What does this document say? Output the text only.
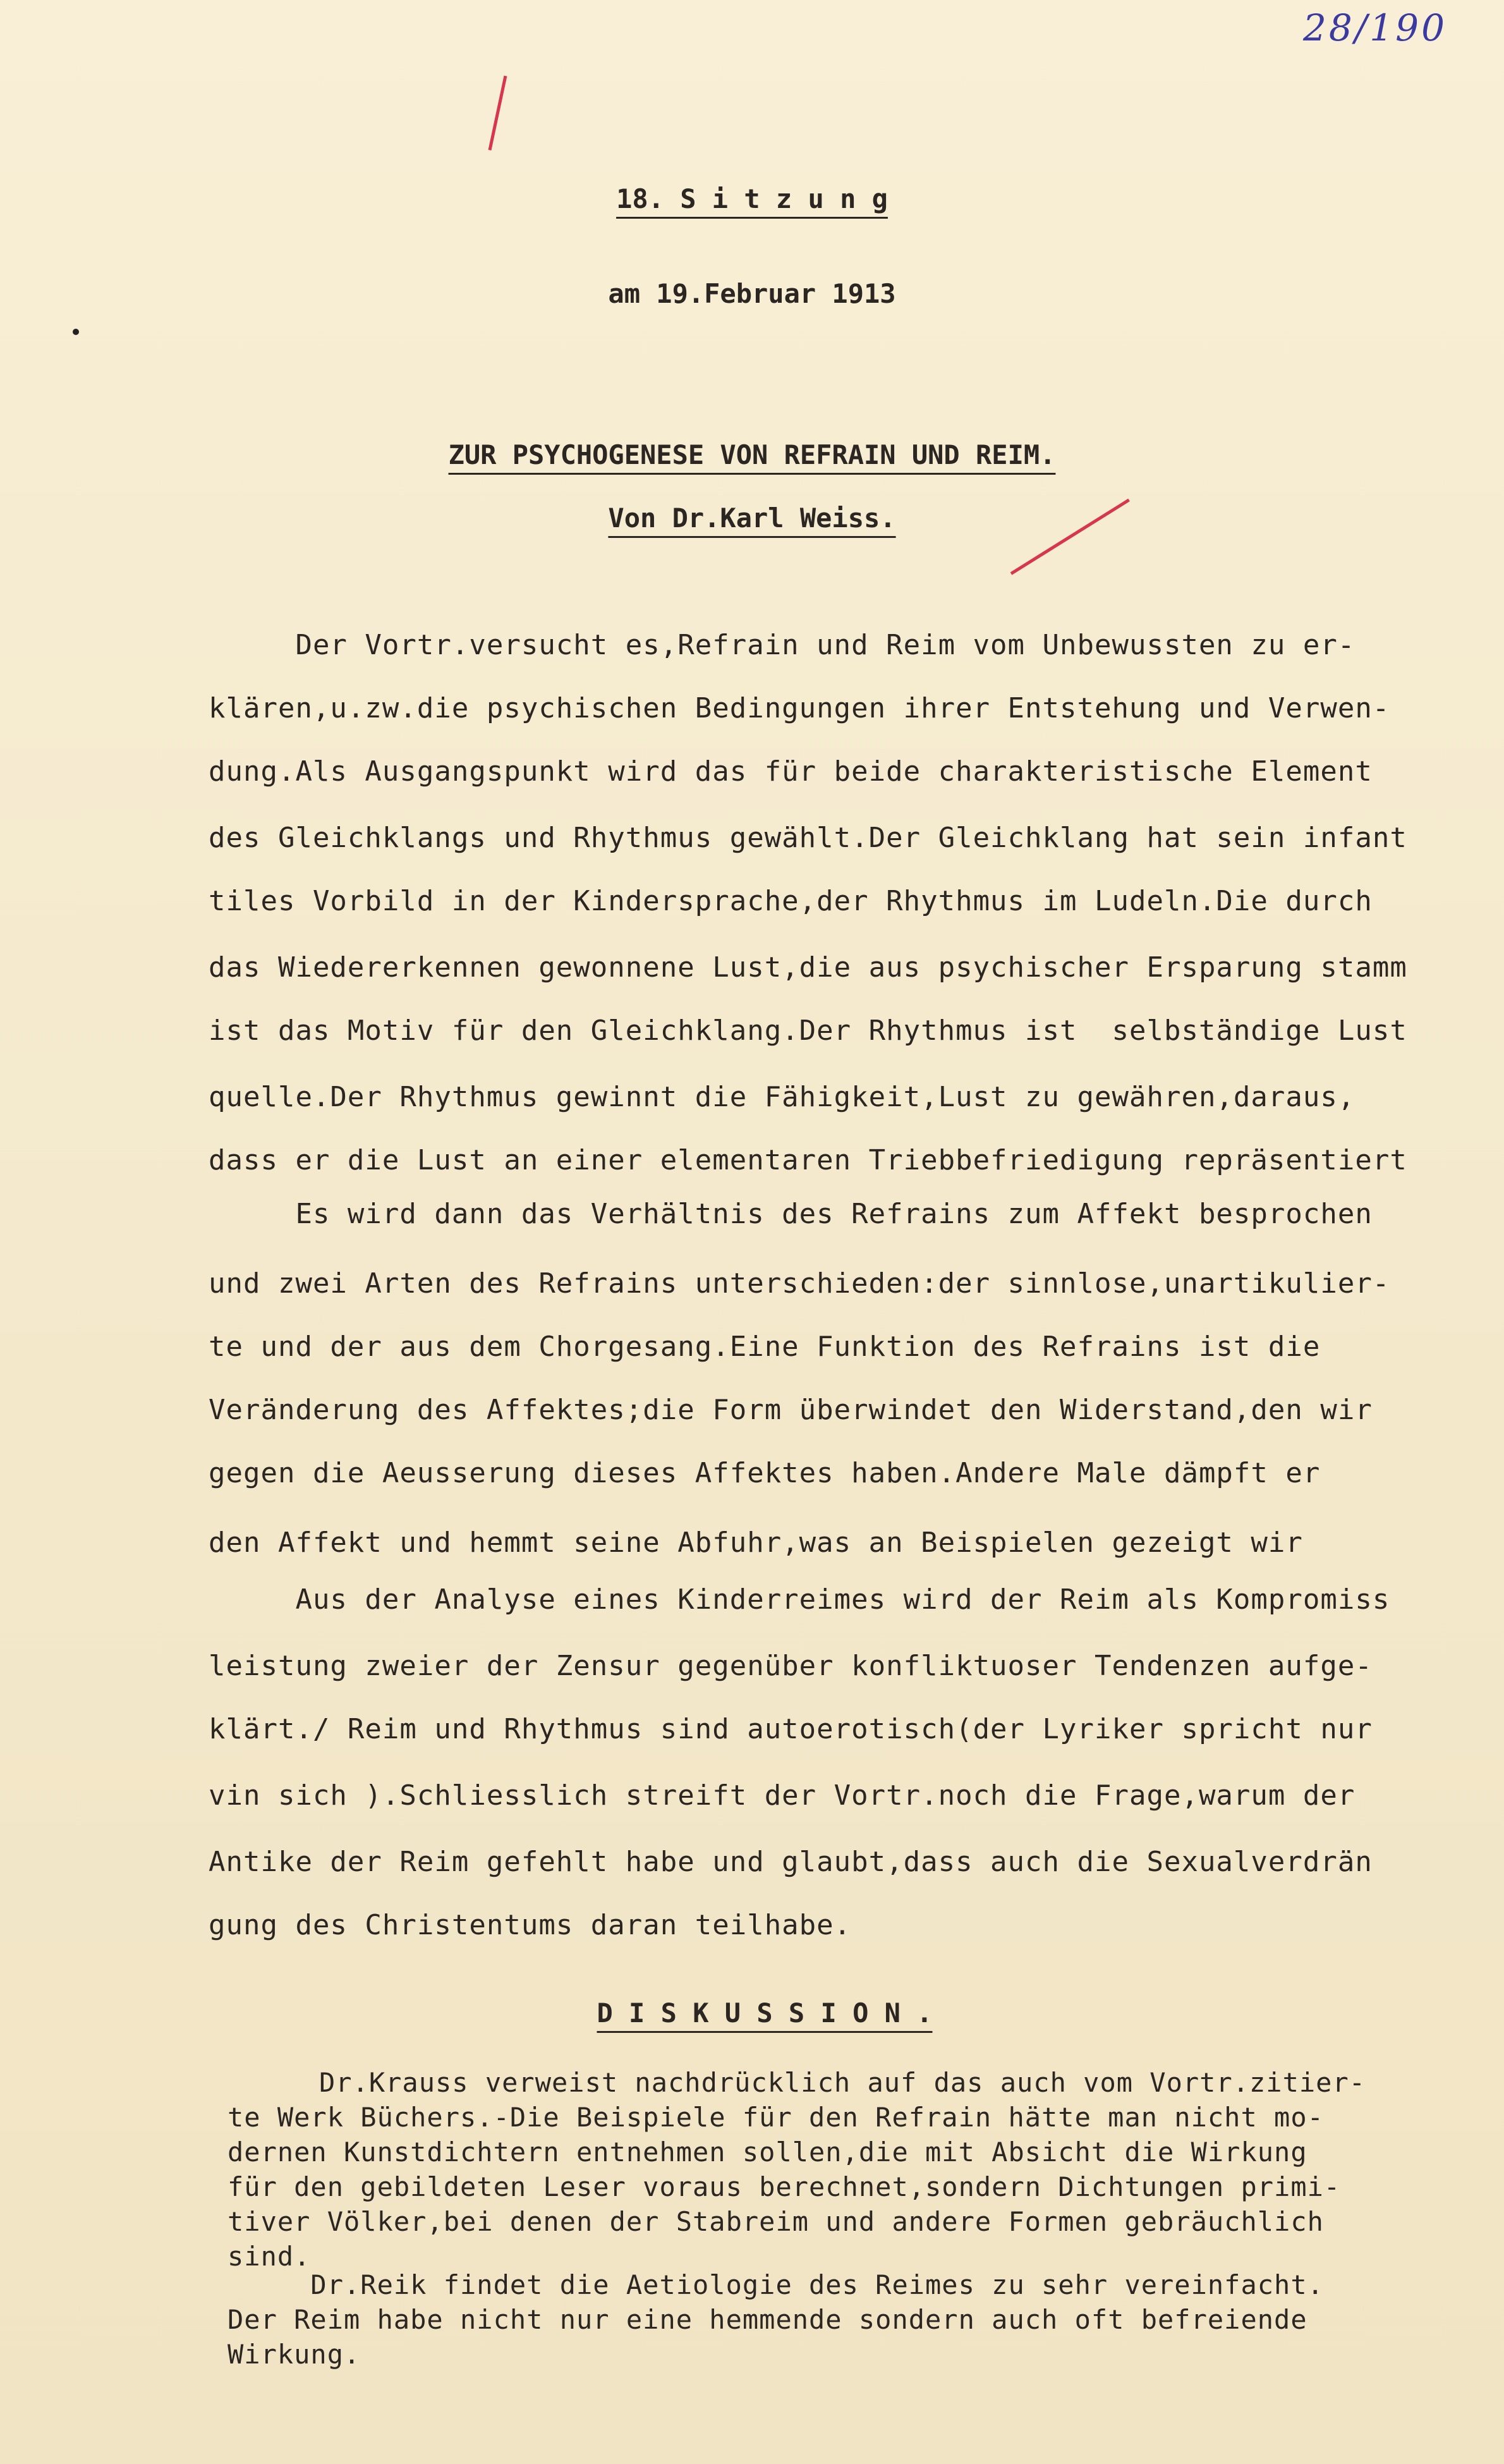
28/190
18. S i t z u n g
am 19.Februar 1913
ZUR PSYCHOGENESE VON REFRAIN UND REIM.
Von Dr.Karl Weiss.
Der Vortr.versucht es,Refrain und Reim vom Unbewussten zu er-
klären,u.zw.die psychischen Bedingungen ihrer Entstehung und Verwen-
dung.Als Ausgangspunkt wird das für beide charakteristische Element
des Gleichklangs und Rhythmus gewählt.Der Gleichklang hat sein infant
tiles Vorbild in der Kindersprache,der Rhythmus im Ludeln.Die durch
das Wiedererkennen gewonnene Lust,die aus psychischer Ersparung stamm
ist das Motiv für den Gleichklang.Der Rhythmus ist  selbständige Lust
quelle.Der Rhythmus gewinnt die Fähigkeit,Lust zu gewähren,daraus,
dass er die Lust an einer elementaren Triebbefriedigung repräsentiert
Es wird dann das Verhältnis des Refrains zum Affekt besprochen
und zwei Arten des Refrains unterschieden:der sinnlose,unartikulier-
te und der aus dem Chorgesang.Eine Funktion des Refrains ist die
Veränderung des Affektes;die Form überwindet den Widerstand,den wir
gegen die Aeusserung dieses Affektes haben.Andere Male dämpft er
den Affekt und hemmt seine Abfuhr,was an Beispielen gezeigt wir
Aus der Analyse eines Kinderreimes wird der Reim als Kompromiss
leistung zweier der Zensur gegenüber konfliktuoser Tendenzen aufge-
klärt./ Reim und Rhythmus sind autoerotisch(der Lyriker spricht nur
vin sich ).Schliesslich streift der Vortr.noch die Frage,warum der
Antike der Reim gefehlt habe und glaubt,dass auch die Sexualverdrän
gung des Christentums daran teilhabe.
D I S K U S S I O N .
Dr.Krauss verweist nachdrücklich auf das auch vom Vortr.zitier-
te Werk Büchers.-Die Beispiele für den Refrain hätte man nicht mo-
dernen Kunstdichtern entnehmen sollen,die mit Absicht die Wirkung
für den gebildeten Leser voraus berechnet,sondern Dichtungen primi-
tiver Völker,bei denen der Stabreim und andere Formen gebräuchlich
sind.
Dr.Reik findet die Aetiologie des Reimes zu sehr vereinfacht.
Der Reim habe nicht nur eine hemmende sondern auch oft befreiende
Wirkung.
